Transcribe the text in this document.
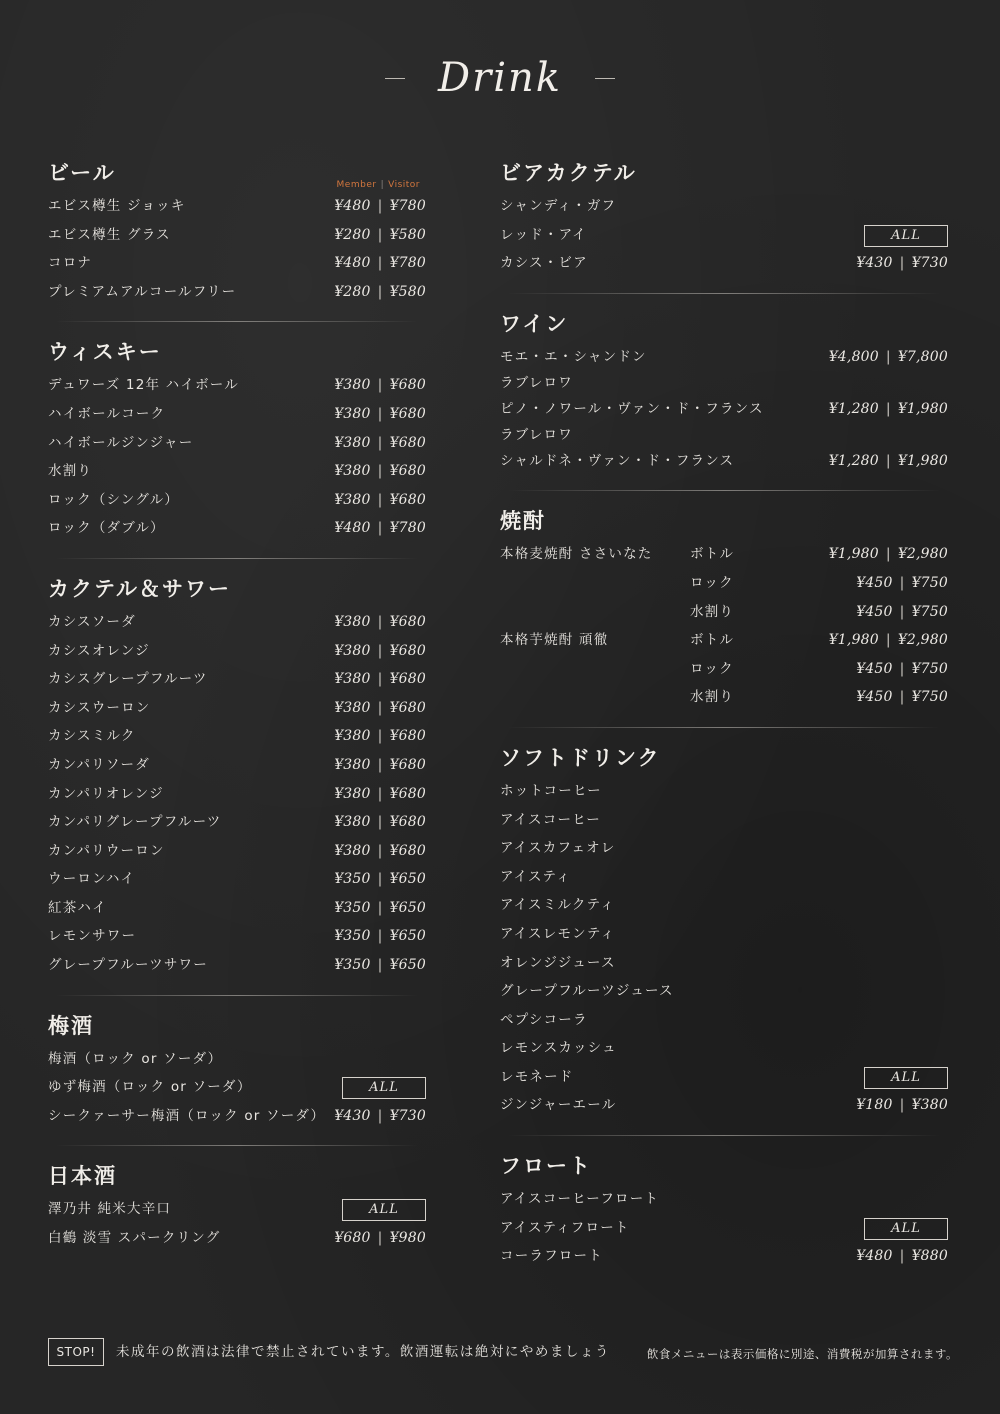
Drink
ビール	Member | Visitor
エビス樽生 ジョッキ	¥480 | ¥780
エビス樽生 グラス	¥280 | ¥580
コロナ	¥480 | ¥780
プレミアムアルコールフリー	¥280 | ¥580
ウィスキー
デュワーズ 12年 ハイボール	¥380 | ¥680
ハイボールコーク	¥380 | ¥680
ハイボールジンジャー	¥380 | ¥680
水割り	¥380 | ¥680
ロック（シングル）	¥380 | ¥680
ロック（ダブル）	¥480 | ¥780
カクテル＆サワー
カシスソーダ	¥380 | ¥680
カシスオレンジ	¥380 | ¥680
カシスグレープフルーツ	¥380 | ¥680
カシスウーロン	¥380 | ¥680
カシスミルク	¥380 | ¥680
カンパリソーダ	¥380 | ¥680
カンパリオレンジ	¥380 | ¥680
カンパリグレープフルーツ	¥380 | ¥680
カンパリウーロン	¥380 | ¥680
ウーロンハイ	¥350 | ¥650
紅茶ハイ	¥350 | ¥650
レモンサワー	¥350 | ¥650
グレープフルーツサワー	¥350 | ¥650
梅酒
梅酒（ロック or ソーダ）
ゆず梅酒（ロック or ソーダ）	ALL
シークァーサー梅酒（ロック or ソーダ） ¥430 | ¥730
日本酒
澤乃井 純米大辛口	ALL
白鶴 淡雪 スパークリング	¥680 | ¥980
ビアカクテル
シャンディ・ガフ
レッド・アイ	ALL
カシス・ビア	¥430 | ¥730
ワイン
モエ・エ・シャンドン	¥4,800 | ¥7,800
ラブレロワ
ピノ・ノワール・ヴァン・ド・フランス	¥1,280 | ¥1,980
ラブレロワ
シャルドネ・ヴァン・ド・フランス	¥1,280 | ¥1,980
焼酎
本格麦焼酎 ささいなた	ボトル	¥1,980 | ¥2,980
ロック	¥450 | ¥750
水割り	¥450 | ¥750
本格芋焼酎 頑徹	ボトル	¥1,980 | ¥2,980
ロック	¥450 | ¥750
水割り	¥450 | ¥750
ソフトドリンク
ホットコーヒー
アイスコーヒー
アイスカフェオレ
アイスティ
アイスミルクティ
アイスレモンティ
オレンジジュース
グレープフルーツジュース
ペプシコーラ
レモンスカッシュ
レモネード	ALL
ジンジャーエール	¥180 | ¥380
フロート
アイスコーヒーフロート
アイスティフロート	ALL
コーラフロート	¥480 | ¥880
STOP!	未成年の飲酒は法律で禁止されています。飲酒運転は絶対にやめましょう	飲食メニューは表示価格に別途、消費税が加算されます。
